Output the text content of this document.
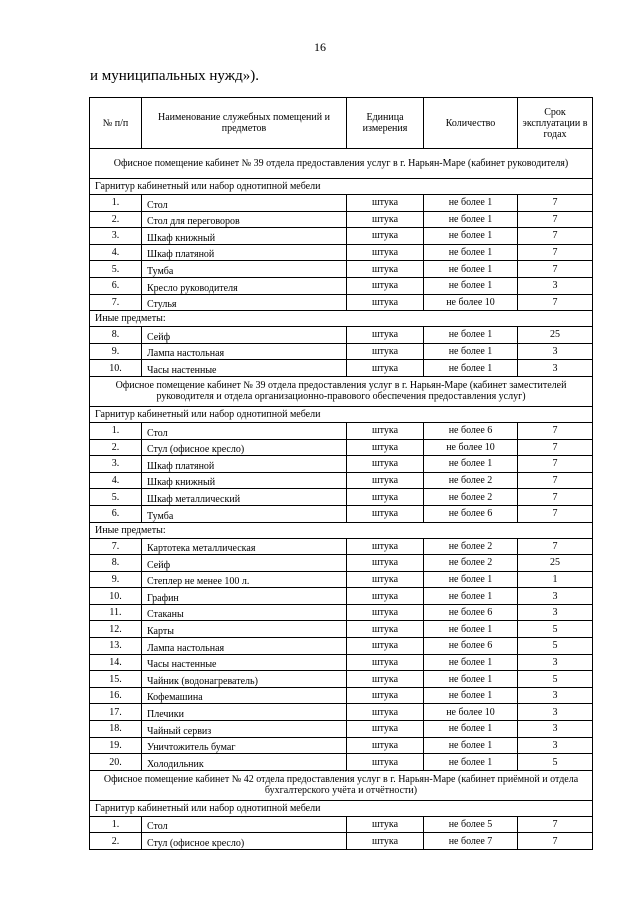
16
и муниципальных нужд»).
№ п/п	Наименование служебных помещений и предметов	Единица измерения	Количество	Срок эксплуатации в годах
Офисное помещение кабинет № 39 отдела предоставления услуг в г. Нарьян-Маре (кабинет руководителя)				
Гарнитур кабинетный или набор однотипной мебели				
1.	Стол	штука	не более 1	7
2.	Стол для переговоров	штука	не более 1	7
3.	Шкаф книжный	штука	не более 1	7
4.	Шкаф платяной	штука	не более 1	7
5.	Тумба	штука	не более 1	7
6.	Кресло руководителя	штука	не более 1	3
7.	Стулья	штука	не более 10	7
Иные предметы:				
8.	Сейф	штука	не более 1	25
9.	Лампа настольная	штука	не более 1	3
10.	Часы настенные	штука	не более 1	3
Офисное помещение кабинет № 39 отдела предоставления услуг в г. Нарьян-Маре (кабинет заместителей руководителя и отдела организационно-правового обеспечения предоставления услуг)				
Гарнитур кабинетный или набор однотипной мебели				
1.	Стол	штука	не более 6	7
2.	Стул (офисное кресло)	штука	не более 10	7
3.	Шкаф платяной	штука	не более 1	7
4.	Шкаф книжный	штука	не более 2	7
5.	Шкаф металлический	штука	не более 2	7
6.	Тумба	штука	не более 6	7
Иные предметы:				
7.	Картотека металлическая	штука	не более 2	7
8.	Сейф	штука	не более 2	25
9.	Степлер не менее 100 л.	штука	не более 1	1
10.	Графин	штука	не более 1	3
11.	Стаканы	штука	не более 6	3
12.	Карты	штука	не более 1	5
13.	Лампа настольная	штука	не более 6	5
14.	Часы настенные	штука	не более 1	3
15.	Чайник (водонагреватель)	штука	не более 1	5
16.	Кофемашина	штука	не более 1	3
17.	Плечики	штука	не более 10	3
18.	Чайный сервиз	штука	не более 1	3
19.	Уничтожитель бумаг	штука	не более 1	3
20.	Холодильник	штука	не более 1	5
Офисное помещение кабинет № 42 отдела предоставления услуг в г. Нарьян-Маре (кабинет приёмной и отдела бухгалтерского учёта и отчётности)				
Гарнитур кабинетный или набор однотипной мебели				
1.	Стол	штука	не более 5	7
2.	Стул (офисное кресло)	штука	не более 7	7
